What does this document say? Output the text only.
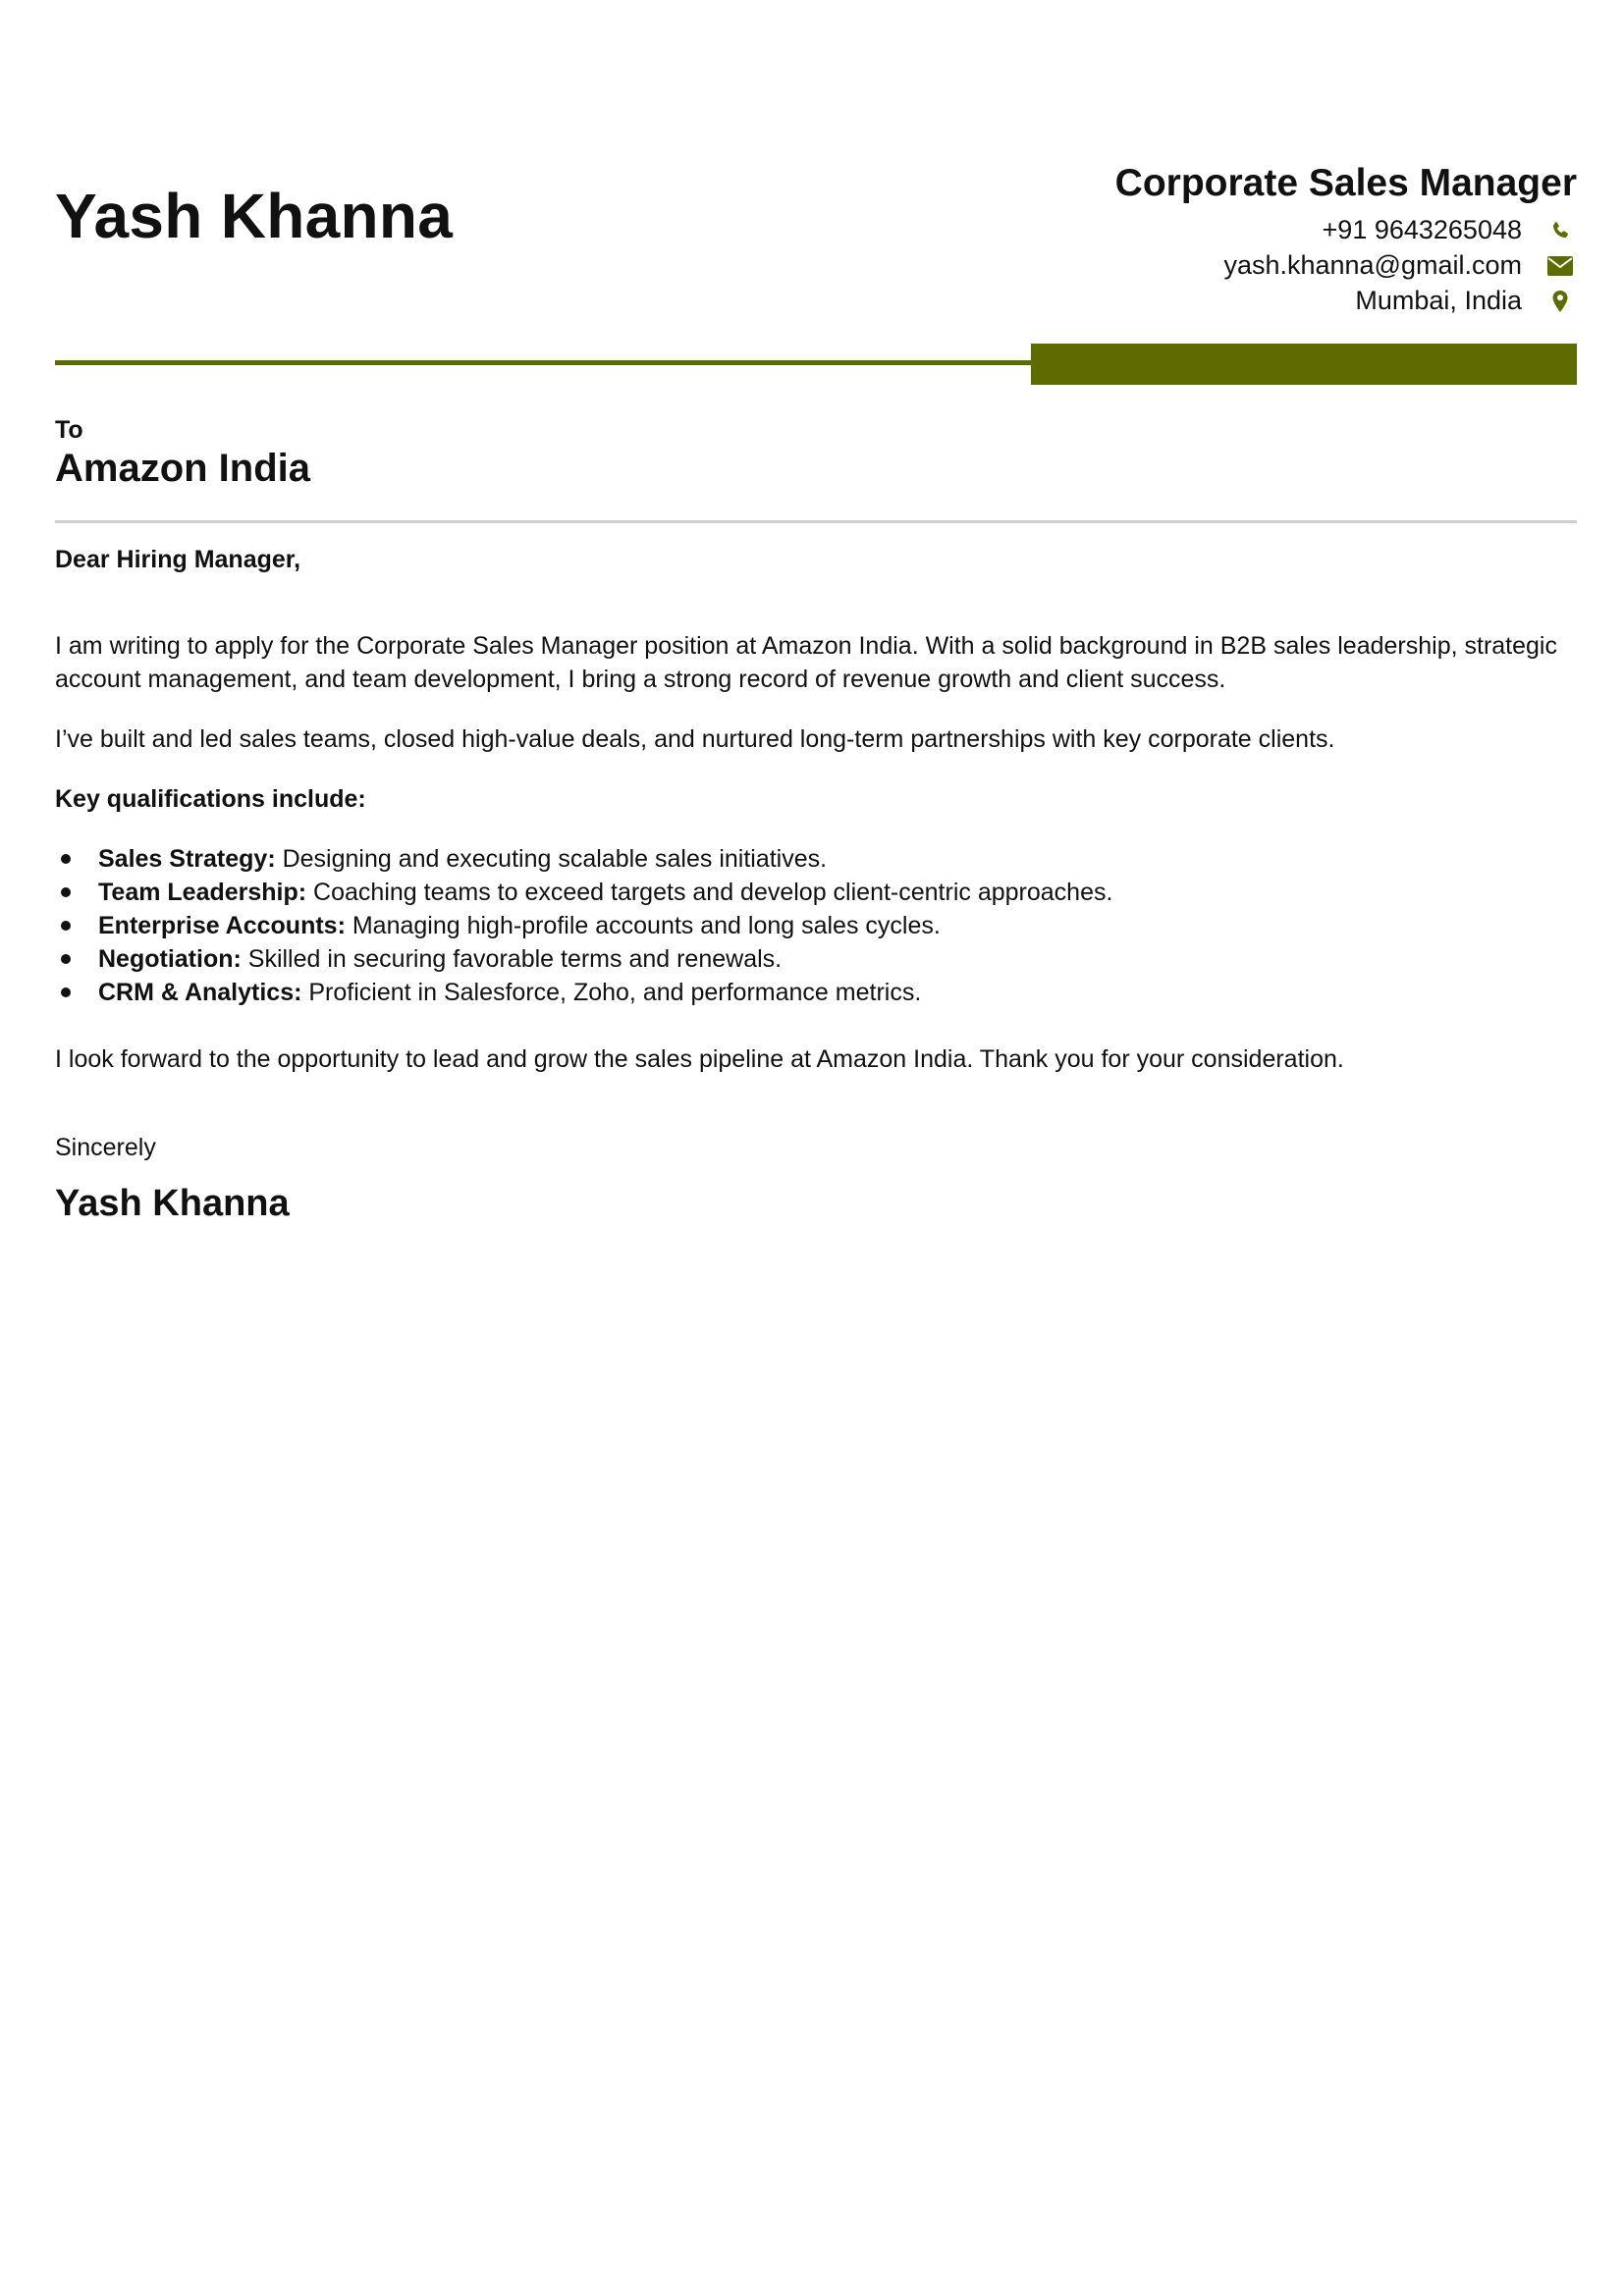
Yash Khanna	Corporate Sales Manager
+91 9643265048
yash.khanna@gmail.com
Mumbai, India
To
Amazon India

Dear Hiring Manager,

I am writing to apply for the Corporate Sales Manager position at Amazon India. With a solid background in B2B sales leadership, strategic account management, and team development, I bring a strong record of revenue growth and client success.

I’ve built and led sales teams, closed high-value deals, and nurtured long-term partnerships with key corporate clients.

Key qualifications include:

Sales Strategy: Designing and executing scalable sales initiatives.
Team Leadership: Coaching teams to exceed targets and develop client-centric approaches.
Enterprise Accounts: Managing high-profile accounts and long sales cycles.
Negotiation: Skilled in securing favorable terms and renewals.
CRM & Analytics: Proficient in Salesforce, Zoho, and performance metrics.

I look forward to the opportunity to lead and grow the sales pipeline at Amazon India. Thank you for your consideration.

Sincerely

Yash Khanna
